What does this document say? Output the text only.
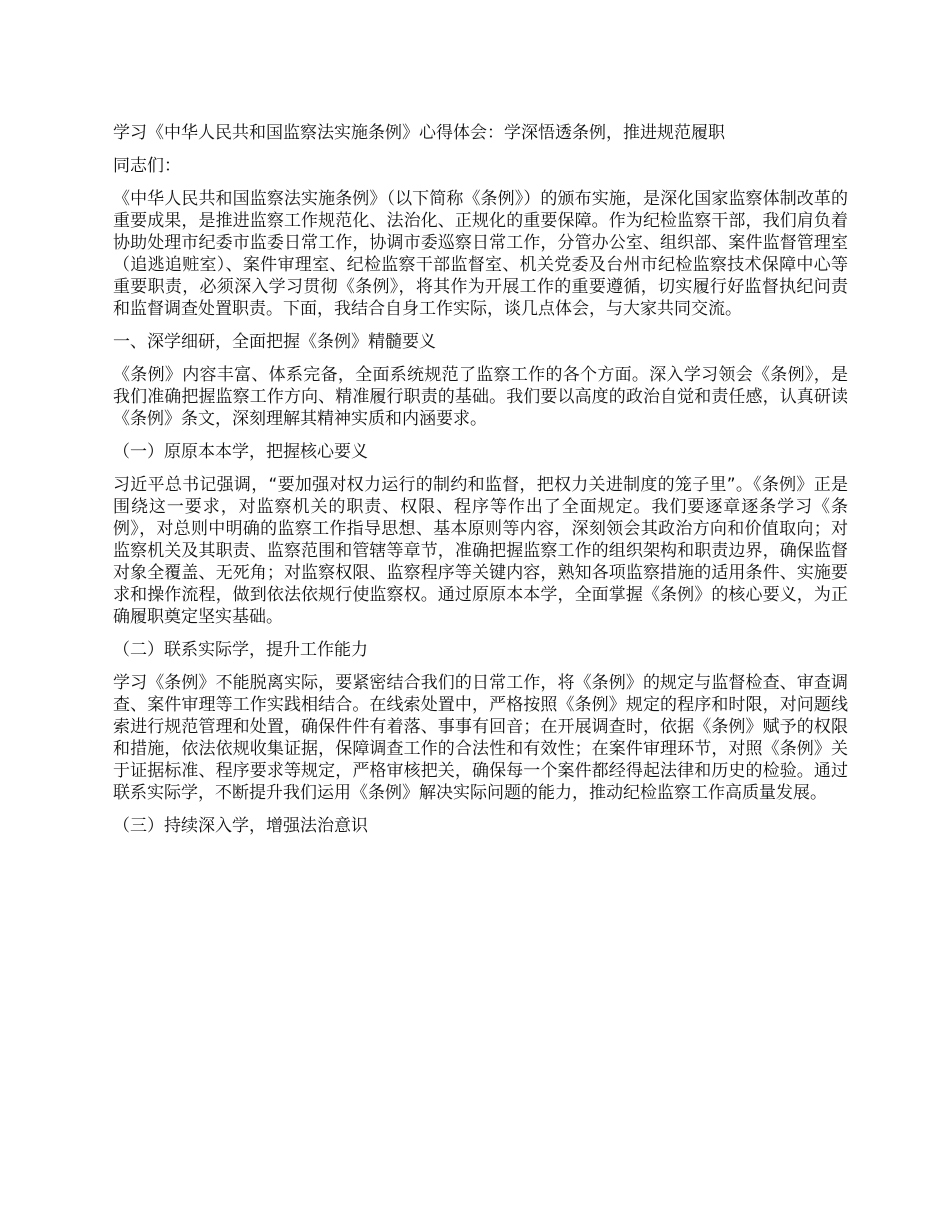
学习《中华人民共和国监察法实施条例》心得体会：学深悟透条例，推进规范履职
同志们：
《中华人民共和国监察法实施条例》（以下简称《条例》）的颁布实施，是深化国家监察体制改革的重要成果，是推进监察工作规范化、法治化、正规化的重要保障。作为纪检监察干部，我们肩负着协助处理市纪委市监委日常工作，协调市委巡察日常工作，分管办公室、组织部、案件监督管理室（追逃追赃室）、案件审理室、纪检监察干部监督室、机关党委及台州市纪检监察技术保障中心等重要职责，必须深入学习贯彻《条例》，将其作为开展工作的重要遵循，切实履行好监督执纪问责和监督调查处置职责。下面，我结合自身工作实际，谈几点体会，与大家共同交流。
一、深学细研，全面把握《条例》精髓要义
《条例》内容丰富、体系完备，全面系统规范了监察工作的各个方面。深入学习领会《条例》，是我们准确把握监察工作方向、精准履行职责的基础。我们要以高度的政治自觉和责任感，认真研读《条例》条文，深刻理解其精神实质和内涵要求。
（一）原原本本学，把握核心要义
习近平总书记强调，“要加强对权力运行的制约和监督，把权力关进制度的笼子里”。《条例》正是围绕这一要求，对监察机关的职责、权限、程序等作出了全面规定。我们要逐章逐条学习《条例》，对总则中明确的监察工作指导思想、基本原则等内容，深刻领会其政治方向和价值取向；对监察机关及其职责、监察范围和管辖等章节，准确把握监察工作的组织架构和职责边界，确保监督对象全覆盖、无死角；对监察权限、监察程序等关键内容，熟知各项监察措施的适用条件、实施要求和操作流程，做到依法依规行使监察权。通过原原本本学，全面掌握《条例》的核心要义，为正确履职奠定坚实基础。
（二）联系实际学，提升工作能力
学习《条例》不能脱离实际，要紧密结合我们的日常工作，将《条例》的规定与监督检查、审查调查、案件审理等工作实践相结合。在线索处置中，严格按照《条例》规定的程序和时限，对问题线索进行规范管理和处置，确保件件有着落、事事有回音；在开展调查时，依据《条例》赋予的权限和措施，依法依规收集证据，保障调查工作的合法性和有效性；在案件审理环节，对照《条例》关于证据标准、程序要求等规定，严格审核把关，确保每一个案件都经得起法律和历史的检验。通过联系实际学，不断提升我们运用《条例》解决实际问题的能力，推动纪检监察工作高质量发展。
（三）持续深入学，增强法治意识
